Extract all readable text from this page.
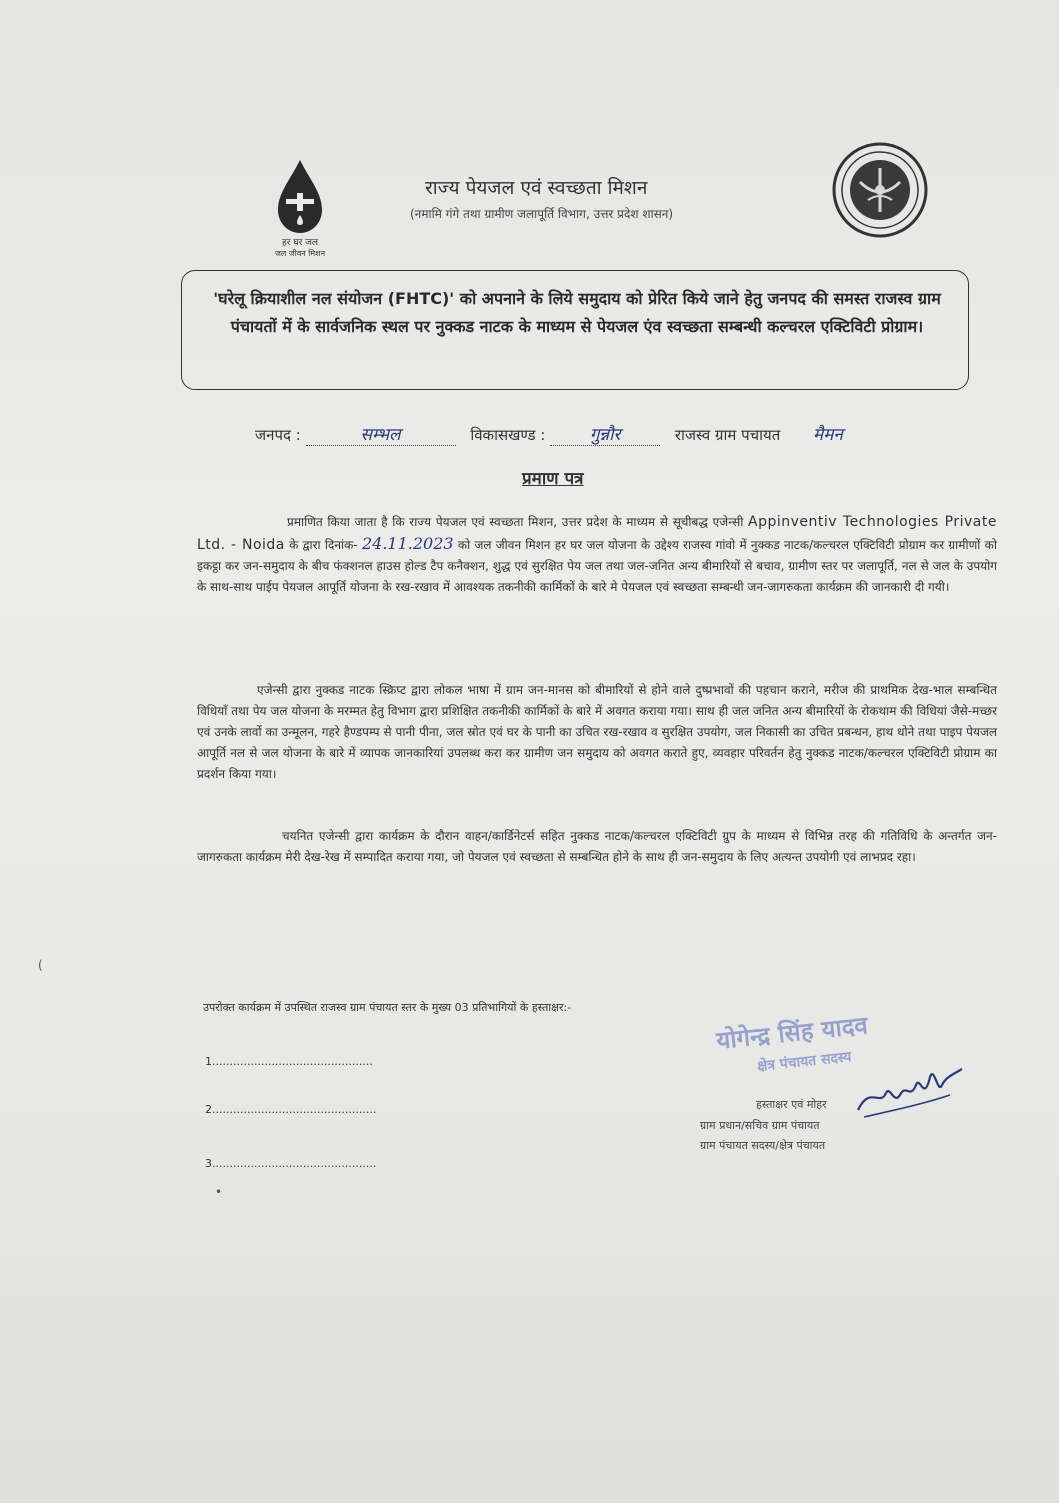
हर घर जल
जल जीवन मिशन
राज्य पेयजल एवं स्वच्छता मिशन
(नमामि गंगे तथा ग्रामीण जलापूर्ति विभाग, उत्तर प्रदेश शासन)
'घरेलू क्रियाशील नल संयोजन (FHTC)' को अपनाने के लिये समुदाय को प्रेरित किये जाने हेतु जनपद की समस्त राजस्व ग्राम पंचायतों में के सार्वजनिक स्थल पर नुक्कड नाटक के माध्यम से पेयजल एंव स्वच्छता सम्बन्धी कल्चरल एक्टिविटी प्रोग्राम।
जनपद :	सम्भल	विकासखण्ड :	गुन्नौर	राजस्व ग्राम पचायत मैमन
प्रमाण पत्र
प्रमाणित किया जाता है कि राज्य पेयजल एवं स्वच्छता मिशन, उत्तर प्रदेश के माध्यम से सूचीबद्ध एजेन्सी Appinventiv Technologies Private Ltd. - Noida के द्वारा दिनांक- 24.11.2023 को जल जीवन मिशन हर घर जल योजना के उद्देश्य राजस्व गांवो में नुक्कड नाटक/कल्चरल एक्टिविटी प्रोग्राम कर ग्रामीणों को इकट्ठा कर जन-समुदाय के बीच फंक्शनल हाउस होल्ड टैप कनैक्शन, शुद्ध एवं सुरक्षित पेय जल तथा जल-जनित अन्य बीमारियों से बचाव, ग्रामीण स्तर पर जलापूर्ति, नल से जल के उपयोग के साथ-साथ पाईप पेयजल आपूर्ति योजना के रख-रखाव में आवश्यक तकनीकी कार्मिकों के बारे मे पेयजल एवं स्वच्छता सम्बन्धी जन-जागरुकता कार्यक्रम की जानकारी दी गयी।
एजेन्सी द्वारा नुक्कड नाटक स्क्रिप्ट द्वारा लोकल भाषा में ग्राम जन-मानस को बीमारियों से होने वाले दुष्प्रभावों की पहचान कराने, मरीज की प्राथमिक देख-भाल सम्बन्धित विधियाँ तथा पेय जल योजना के मरम्मत हेतु विभाग द्वारा प्रशिक्षित तकनीकी कार्मिकों के बारे में अवगत कराया गया। साथ ही जल जनित अन्य बीमारियों के रोकथाम की विधियां जैसे-मच्छर एवं उनके लार्वो का उन्मूलन, गहरे हैण्डपम्प से पानी पीना, जल स्रोत एवं घर के पानी का उचित रख-रखाव व सुरक्षित उपयोग, जल निकासी का उचित प्रबन्धन, हाथ धोने तथा पाइप पेयजल आपूर्ति नल से जल योजना के बारे में व्यापक जानकारियां उपलब्ध करा कर ग्रामीण जन समुदाय को अवगत कराते हुए, व्यवहार परिवर्तन हेतु नुक्कड नाटक/कल्चरल एक्टिविटी प्रोग्राम का प्रदर्शन किया गया।
चयनित एजेन्सी द्वारा कार्यक्रम के दौरान वाहन/कार्डिनेटर्स सहित नुक्कड नाटक/कल्चरल एक्टिविटी ग्रुप के माध्यम से विभिन्न तरह की गतिविधि के अन्तर्गत जन-जागरुकता कार्यक्रम मेरी देख-रेख में सम्पादित कराया गया, जो पेयजल एवं स्वच्छता से सम्बन्धित होने के साथ ही जन-समुदाय के लिए अत्यन्त उपयोगी एवं लाभप्रद रहा।
उपरोक्त कार्यक्रम में उपस्थित राजस्व ग्राम पंचायत स्तर के मुख्य 03 प्रतिभागियों के हस्ताक्षर:-
1..............................................
2...............................................
3...............................................
योगेन्द्र सिंह यादव
क्षेत्र पंचायत सदस्य
हस्ताक्षर एवं मोहर
ग्राम प्रधान/सचिव ग्राम पंचायत
ग्राम पंचायत सदस्य/क्षेत्र पंचायत
(
•
